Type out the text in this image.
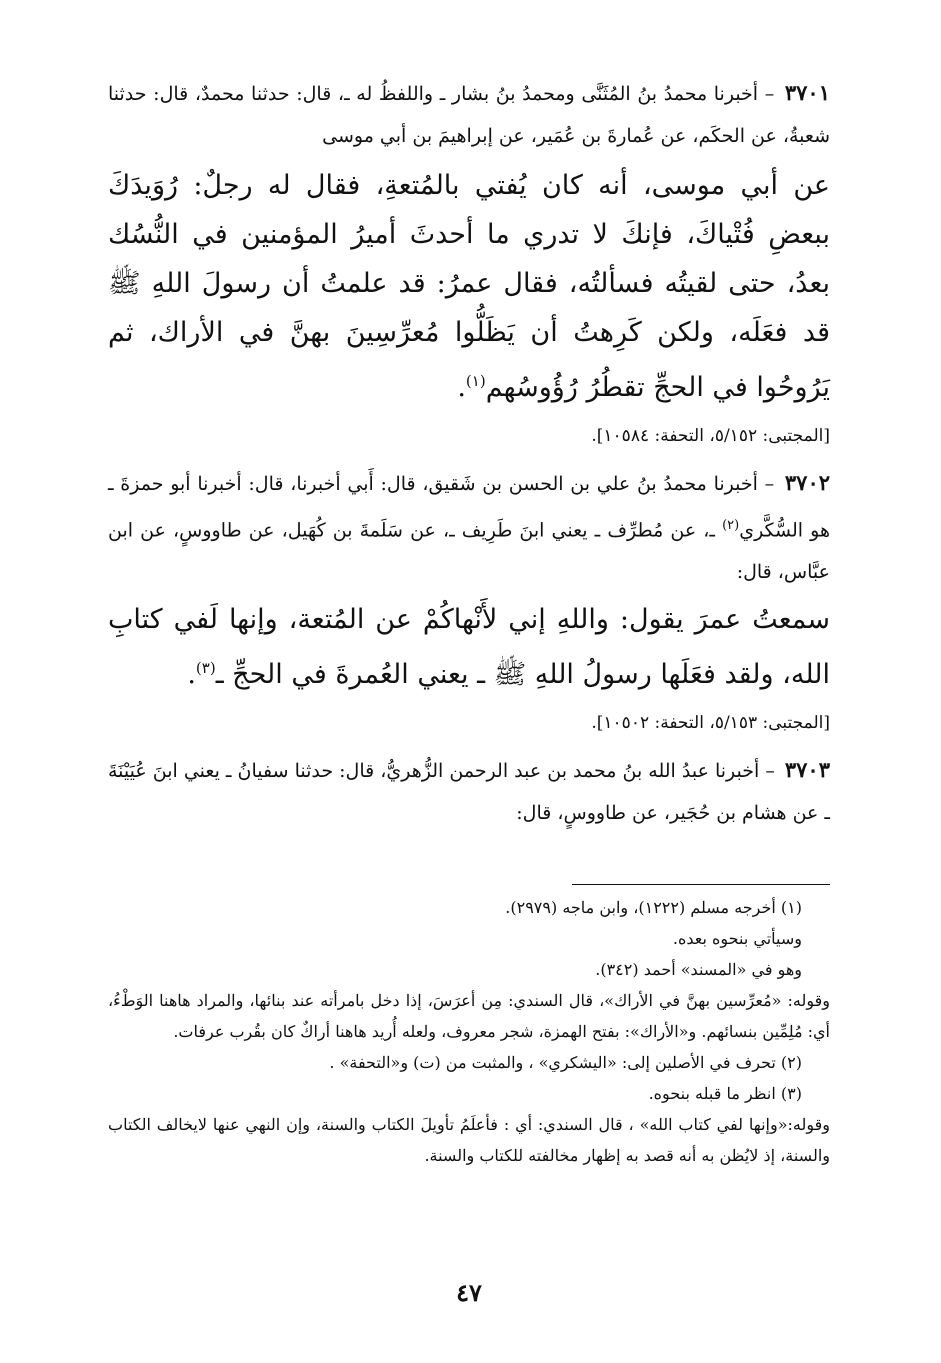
٣٧٠١ – أخبرنا محمدُ بنُ المُثَنَّى ومحمدُ بنُ بشار ـ واللفظُ له ـ، قال: حدثنا محمدٌ، قال: حدثنا شعبةُ، عن الحكَم، عن عُمارةَ بن عُمَير، عن إبراهيمَ بن أبي موسى

عن أبي موسى، أنه كان يُفتي بالمُتعةِ، فقال له رجلٌ: رُوَيدَكَ ببعضِ فُتْياكَ، فإنكَ لا تدري ما أحدثَ أميرُ المؤمنين في النُّسُك بعدُ، حتى لقيتُه فسألتُه، فقال عمرُ: قد علمتُ أن رسولَ اللهِ ﷺ قد فعَلَه، ولكن كَرِهتُ أن يَظَلُّوا مُعرِّسِينَ بهنَّ في الأراك، ثم يَرُوحُوا في الحجِّ تقطُرُ رُؤُوسُهم$^{(١)}$.

[المجتبى: ٥/١٥٢، التحفة: ١٠٥٨٤].

٣٧٠٢ – أخبرنا محمدُ بنُ علي بن الحسن بن شَقيق، قال: أَبي أخبرنا، قال: أخبرنا أبو حمزةَ ـ هو السُّكَّري$^{(٢)}$ ـ، عن مُطرِّف ـ يعني ابنَ طَرِيف ـ، عن سَلَمةَ بن كُهَيل، عن طاووسٍ، عن ابن عبَّاس، قال:

سمعتُ عمرَ يقول: واللهِ إني لأَنْهاكُمْ عن المُتعة، وإنها لَفي كتابِ الله، ولقد فعَلَها رسولُ اللهِ ﷺ ـ يعني العُمرةَ في الحجِّ ـ$^{(٣)}$.

[المجتبى: ٥/١٥٣، التحفة: ١٠٥٠٢].

٣٧٠٣ – أخبرنا عبدُ الله بنُ محمد بن عبد الرحمن الزُّهريُّ، قال: حدثنا سفيانُ ـ يعني ابنَ عُيَيْنَةَ ـ عن هشام بن حُجَير، عن طاووسٍ، قال:

(١) أخرجه مسلم (١٢٢٢)، وابن ماجه (٢٩٧٩).

وسيأتي بنحوه بعده.

وهو في «المسند» أحمد (٣٤٢).

وقوله: «مُعرِّسين بهنَّ في الأراك»، قال السندي: مِن أعرَسَ، إذا دخل بامرأته عند بنائها، والمراد هاهنا الوَطْءُ، أي: مُلِمِّين بنسائهم. و«الأراك»: بفتح الهمزة، شجر معروف، ولعله أُريد هاهنا أراكٌ كان بقُرب عرفات.

(٢) تحرف في الأصلين إلى: «اليشكري» ، والمثبت من (ت) و«التحفة» .

(٣) انظر ما قبله بنحوه.

وقوله:«وإنها لفي كتاب الله» ، قال السندي: أي : فأعلَمُ تأويلَ الكتاب والسنة، وإن النهي عنها لايخالف الكتاب والسنة، إذ لايُظن به أنه قصد به إظهار مخالفته للكتاب والسنة.

٤٧
